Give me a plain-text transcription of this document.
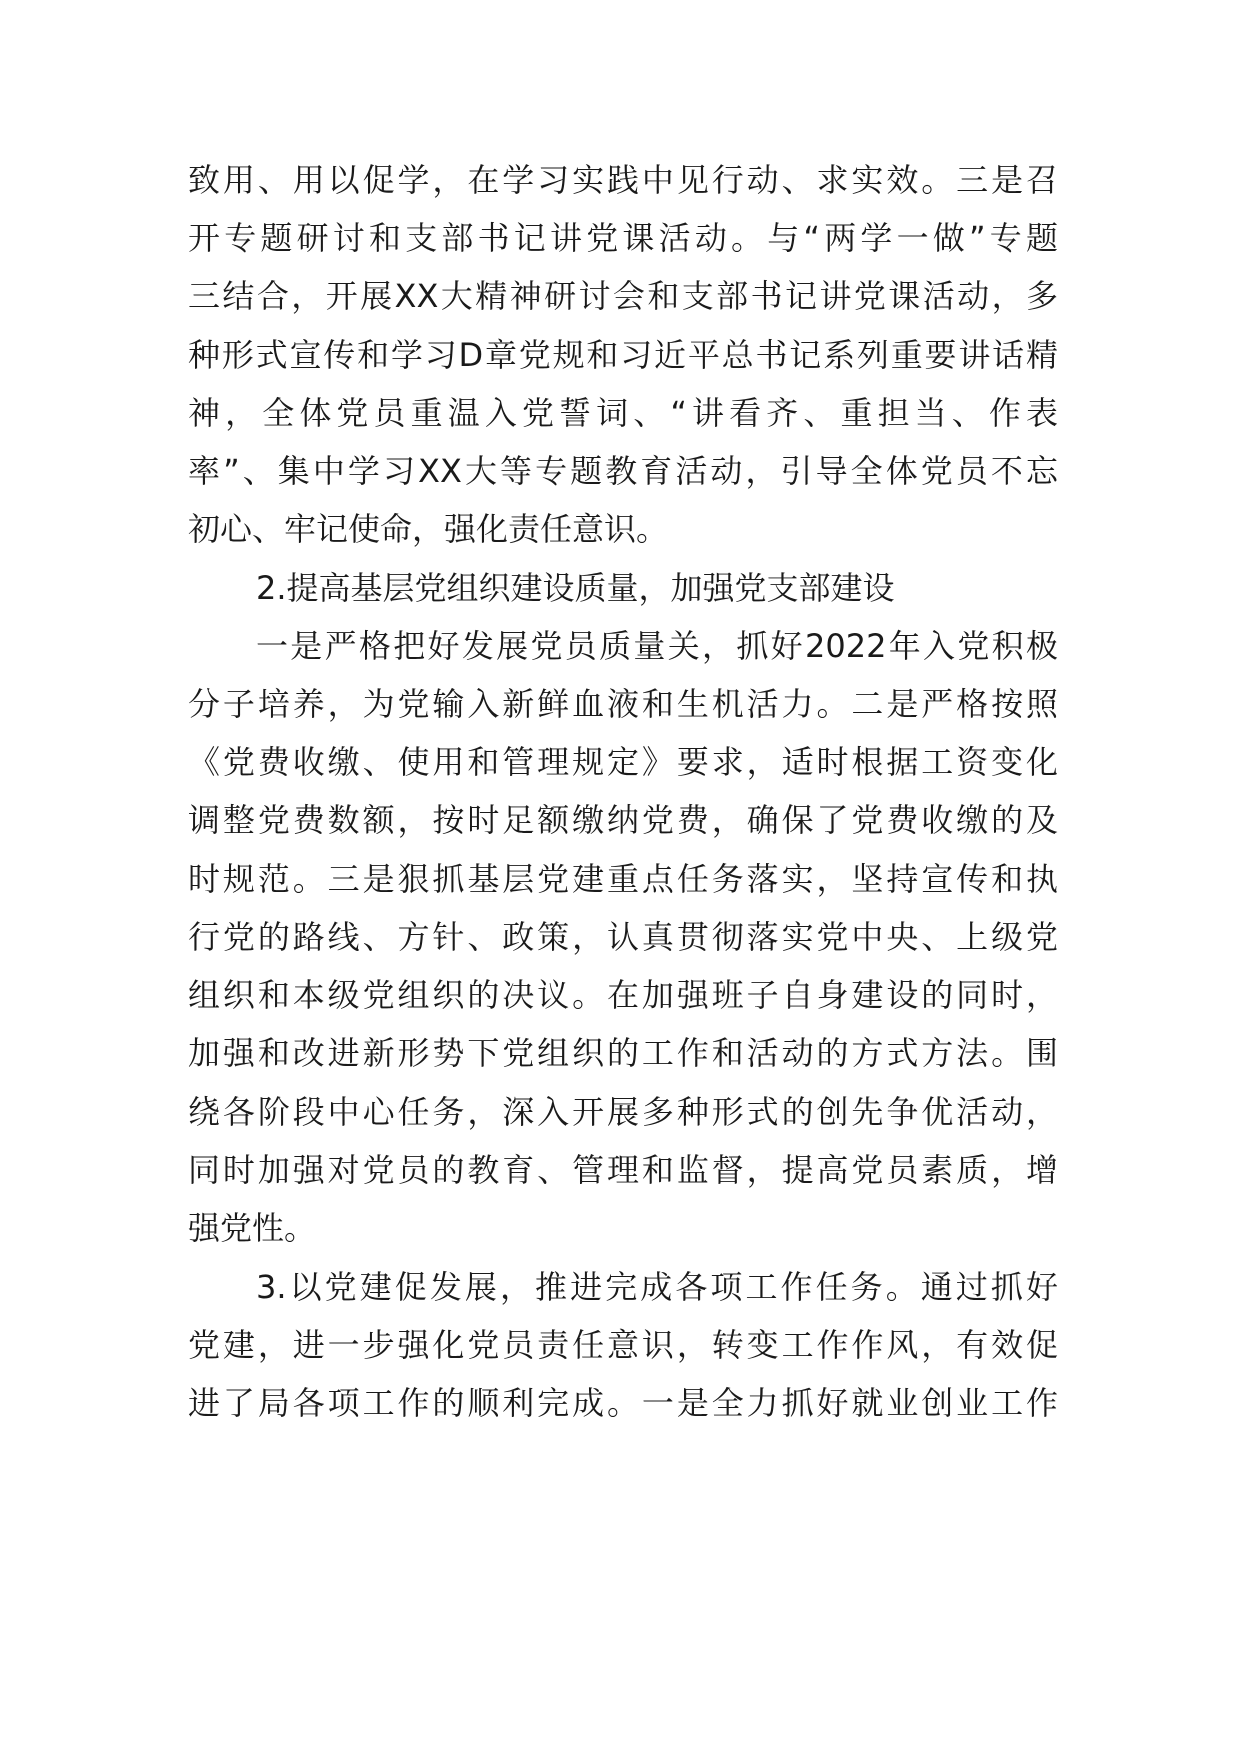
致用、用以促学，在学习实践中见行动、求实效。三是召
开专题研讨和支部书记讲党课活动。与“两学一做”专题
三结合，开展XX大精神研讨会和支部书记讲党课活动，多
种形式宣传和学习D章党规和习近平总书记系列重要讲话精
神，全体党员重温入党誓词、“讲看齐、重担当、作表
率”、集中学习XX大等专题教育活动，引导全体党员不忘
初心、牢记使命，强化责任意识。
2.提高基层党组织建设质量，加强党支部建设
一是严格把好发展党员质量关，抓好2022年入党积极
分子培养，为党输入新鲜血液和生机活力。二是严格按照
《党费收缴、使用和管理规定》要求，适时根据工资变化
调整党费数额，按时足额缴纳党费，确保了党费收缴的及
时规范。三是狠抓基层党建重点任务落实，坚持宣传和执
行党的路线、方针、政策，认真贯彻落实党中央、上级党
组织和本级党组织的决议。在加强班子自身建设的同时，
加强和改进新形势下党组织的工作和活动的方式方法。围
绕各阶段中心任务，深入开展多种形式的创先争优活动，
同时加强对党员的教育、管理和监督，提高党员素质，增
强党性。
3.以党建促发展，推进完成各项工作任务。通过抓好
党建，进一步强化党员责任意识，转变工作作风，有效促
进了局各项工作的顺利完成。一是全力抓好就业创业工作
